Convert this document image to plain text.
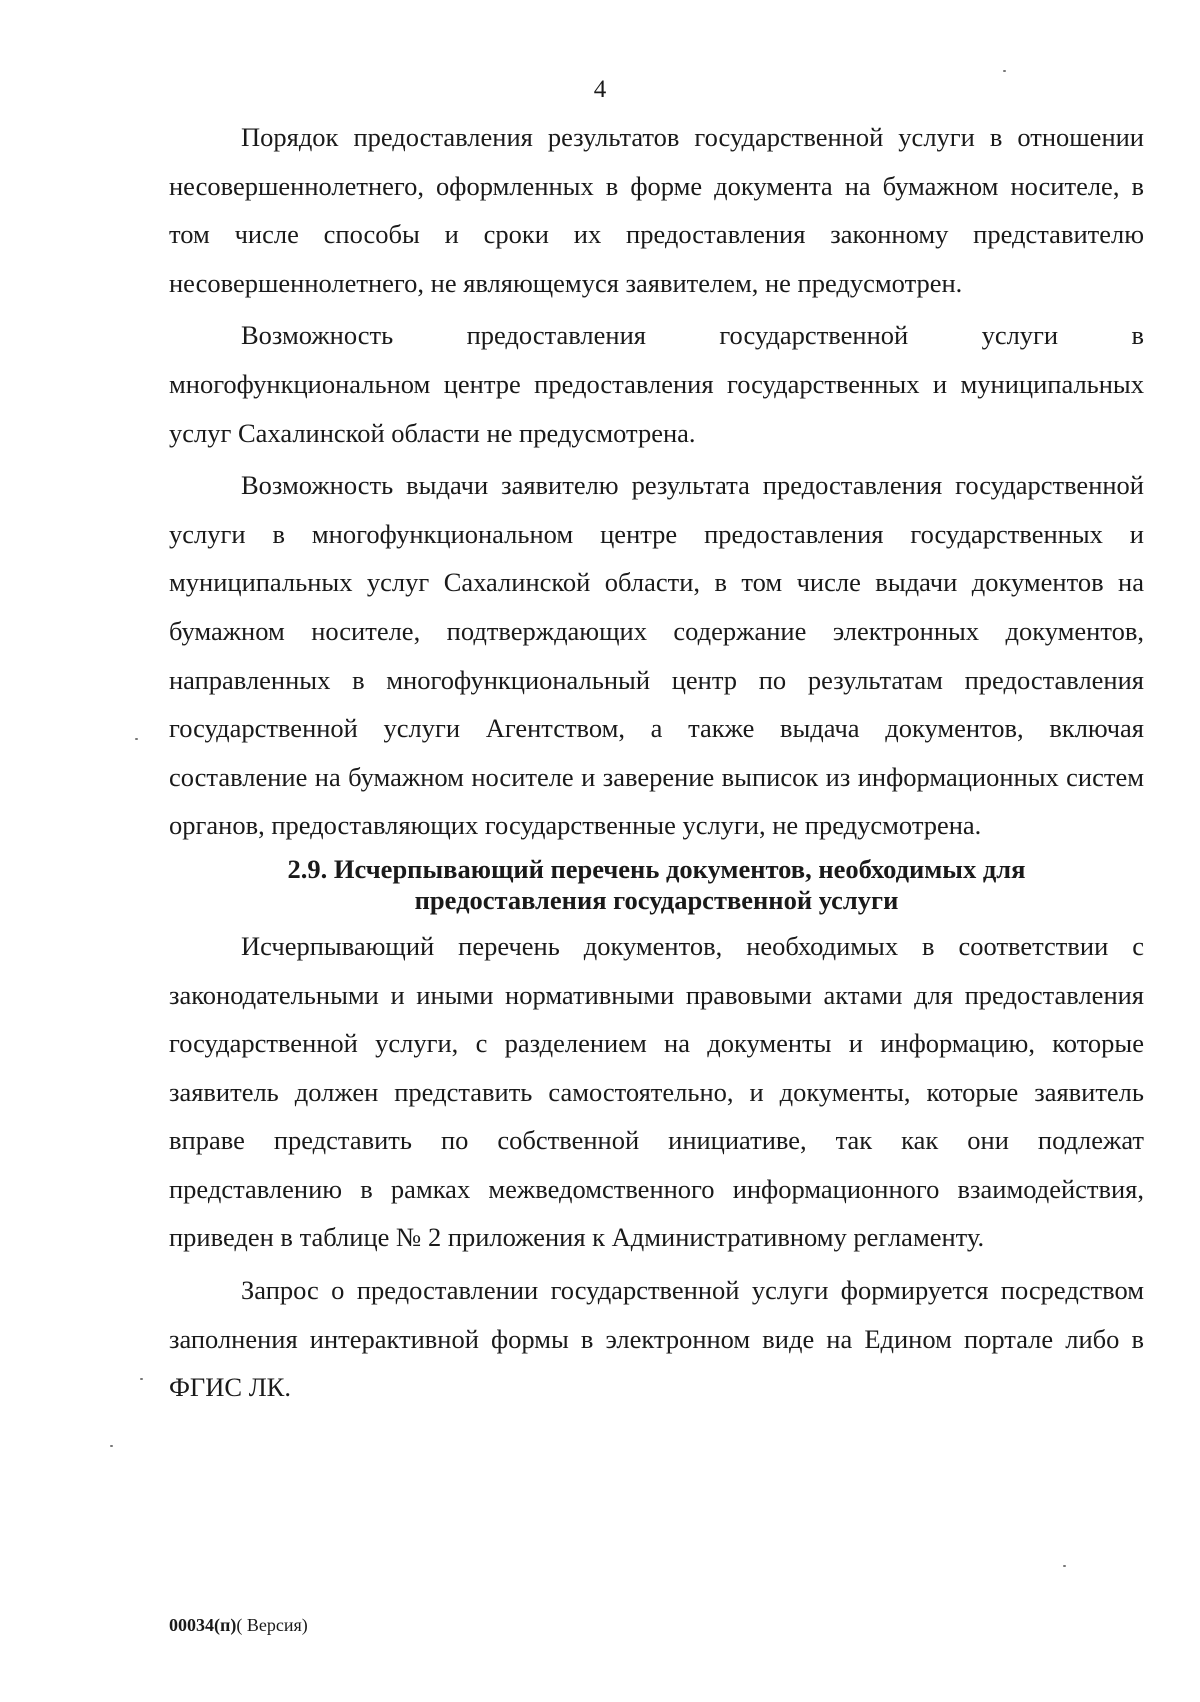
4

Порядок предоставления результатов государственной услуги в отношении несовершеннолетнего, оформленных в форме документа на бумажном носителе, в том числе способы и сроки их предоставления законному представителю несовершеннолетнего, не являющемуся заявителем, не предусмотрен.

Возможность предоставления государственной услуги в многофункциональном центре предоставления государственных и муниципальных услуг Сахалинской области не предусмотрена.

Возможность выдачи заявителю результата предоставления государственной услуги в многофункциональном центре предоставления государственных и муниципальных услуг Сахалинской области, в том числе выдачи документов на бумажном носителе, подтверждающих содержание электронных документов, направленных в многофункциональный центр по результатам предоставления государственной услуги Агентством, а также выдача документов, включая составление на бумажном носителе и заверение выписок из информационных систем органов, предоставляющих государственные услуги, не предусмотрена.

2.9. Исчерпывающий перечень документов, необходимых для
предоставления государственной услуги

Исчерпывающий перечень документов, необходимых в соответствии с законодательными и иными нормативными правовыми актами для предоставления государственной услуги, с разделением на документы и информацию, которые заявитель должен представить самостоятельно, и документы, которые заявитель вправе представить по собственной инициативе, так как они подлежат представлению в рамках межведомственного информационного взаимодействия, приведен в таблице № 2 приложения к Административному регламенту.

Запрос о предоставлении государственной услуги формируется посредством заполнения интерактивной формы в электронном виде на Едином портале либо в ФГИС ЛК.

00034(п)( Версия)
